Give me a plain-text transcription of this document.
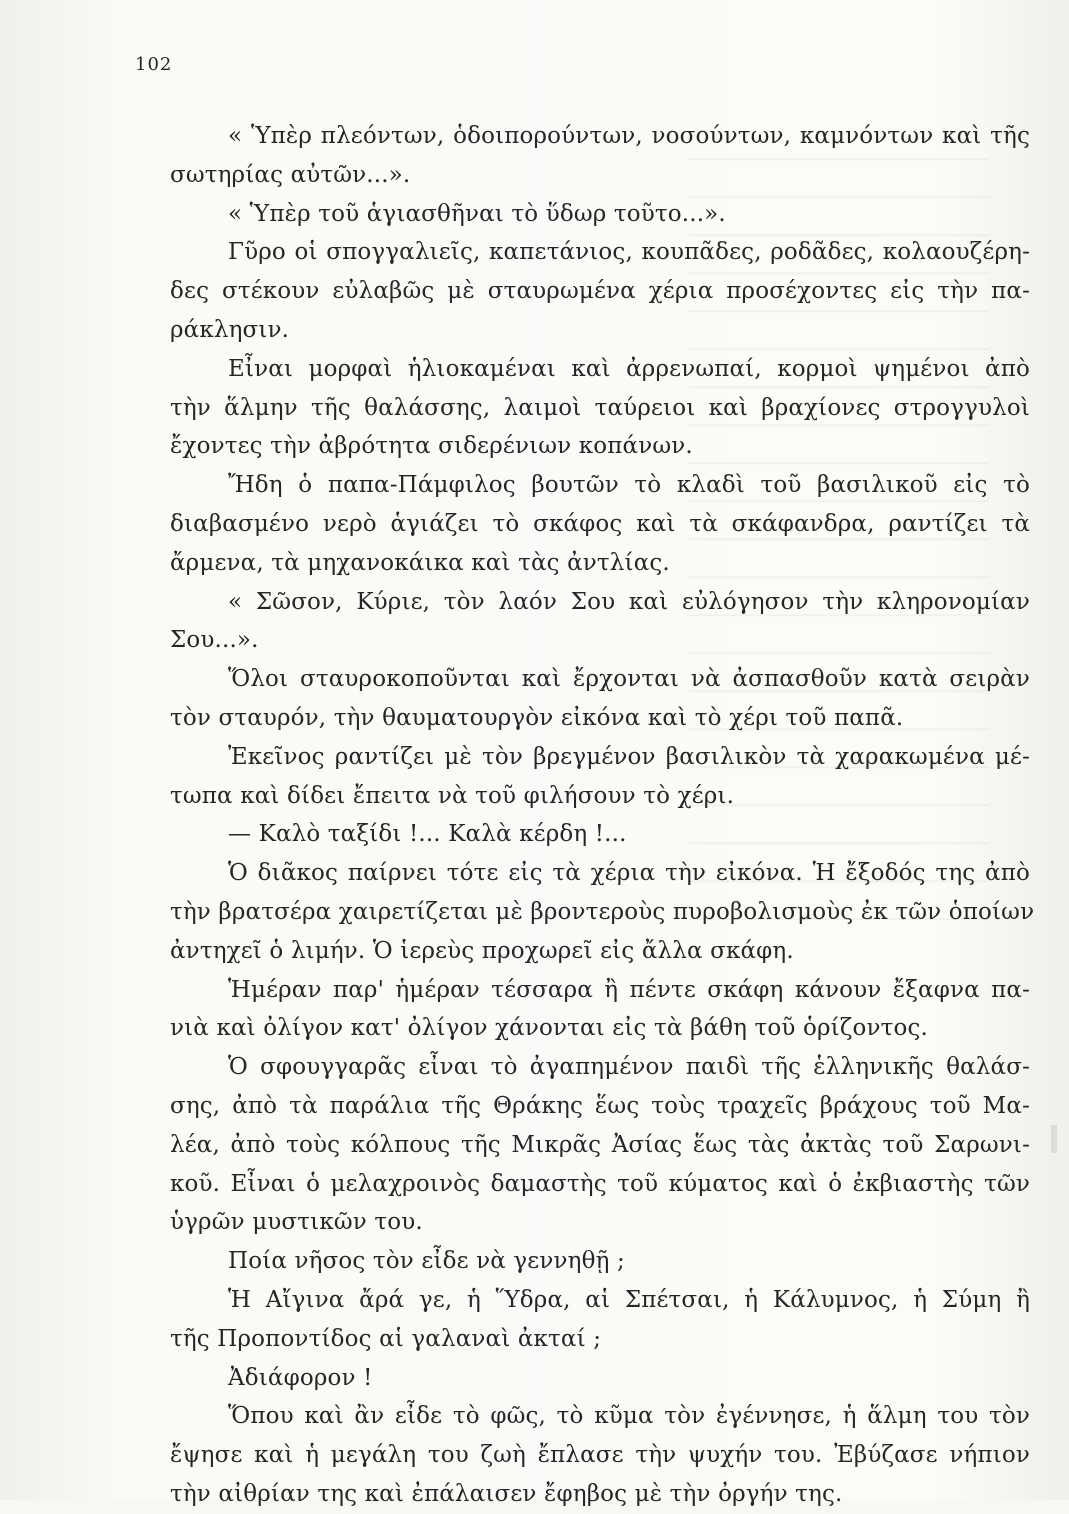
102
« Ὑπὲρ πλεόντων, ὁδοιπορούντων, νοσούντων, καμνόντων καὶ τῆς
σωτηρίας αὐτῶν...».
« Ὑπὲρ τοῦ ἁγιασθῆναι τὸ ὕδωρ τοῦτο...».
Γῦρο οἱ σπογγαλιεῖς, καπετάνιος, κουπᾶδες, ροδᾶδες, κολαουζέρη-
δες στέκουν εὐλαβῶς μὲ σταυρωμένα χέρια προσέχοντες εἰς τὴν πα-
ράκλησιν.
Εἶναι μορφαὶ ἡλιοκαμέναι καὶ ἀρρενωπαί, κορμοὶ ψημένοι ἀπὸ
τὴν ἅλμην τῆς θαλάσσης, λαιμοὶ ταύρειοι καὶ βραχίονες στρογγυλοὶ
ἔχοντες τὴν ἀβρότητα σιδερένιων κοπάνων.
Ἤδη ὁ παπα-Πάμφιλος βουτῶν τὸ κλαδὶ τοῦ βασιλικοῦ εἰς τὸ
διαβασμένο νερὸ ἁγιάζει τὸ σκάφος καὶ τὰ σκάφανδρα, ραντίζει τὰ
ἄρμενα, τὰ μηχανοκάικα καὶ τὰς ἀντλίας.
« Σῶσον, Κύριε, τὸν λαόν Σου καὶ εὐλόγησον τὴν κληρονομίαν
Σου...».
Ὅλοι σταυροκοποῦνται καὶ ἔρχονται νὰ ἀσπασθοῦν κατὰ σειρὰν
τὸν σταυρόν, τὴν θαυματουργὸν εἰκόνα καὶ τὸ χέρι τοῦ παπᾶ.
Ἐκεῖνος ραντίζει μὲ τὸν βρεγμένον βασιλικὸν τὰ χαρακωμένα μέ-
τωπα καὶ δίδει ἔπειτα νὰ τοῦ φιλήσουν τὸ χέρι.
— Καλὸ ταξίδι !... Καλὰ κέρδη !...
Ὁ διᾶκος παίρνει τότε εἰς τὰ χέρια τὴν εἰκόνα. Ἡ ἔξοδός της ἀπὸ
τὴν βρατσέρα χαιρετίζεται μὲ βροντεροὺς πυροβολισμοὺς ἐκ τῶν ὁποίων
ἀντηχεῖ ὁ λιμήν. Ὁ ἱερεὺς προχωρεῖ εἰς ἄλλα σκάφη.
Ἡμέραν παρ' ἡμέραν τέσσαρα ἢ πέντε σκάφη κάνουν ἔξαφνα πα-
νιὰ καὶ ὀλίγον κατ' ὀλίγον χάνονται εἰς τὰ βάθη τοῦ ὁρίζοντος.
Ὁ σφουγγαρᾶς εἶναι τὸ ἀγαπημένον παιδὶ τῆς ἑλληνικῆς θαλάσ-
σης, ἀπὸ τὰ παράλια τῆς Θράκης ἕως τοὺς τραχεῖς βράχους τοῦ Μα-
λέα, ἀπὸ τοὺς κόλπους τῆς Μικρᾶς Ἀσίας ἕως τὰς ἀκτὰς τοῦ Σαρωνι-
κοῦ. Εἶναι ὁ μελαχροινὸς δαμαστὴς τοῦ κύματος καὶ ὁ ἐκβιαστὴς τῶν
ὑγρῶν μυστικῶν του.
Ποία νῆσος τὸν εἶδε νὰ γεννηθῇ ;
Ἡ Αἴγινα ἄρά γε, ἡ Ὕδρα, αἱ Σπέτσαι, ἡ Κάλυμνος, ἡ Σύμη ἢ
τῆς Προποντίδος αἱ γαλαναὶ ἀκταί ;
Ἀδιάφορον !
Ὅπου καὶ ἂν εἶδε τὸ φῶς, τὸ κῦμα τὸν ἐγέννησε, ἡ ἅλμη του τὸν
ἔψησε καὶ ἡ μεγάλη του ζωὴ ἔπλασε τὴν ψυχήν του. Ἐβύζασε νήπιον
τὴν αἰθρίαν της καὶ ἐπάλαισεν ἔφηβος μὲ τὴν ὀργήν της.
